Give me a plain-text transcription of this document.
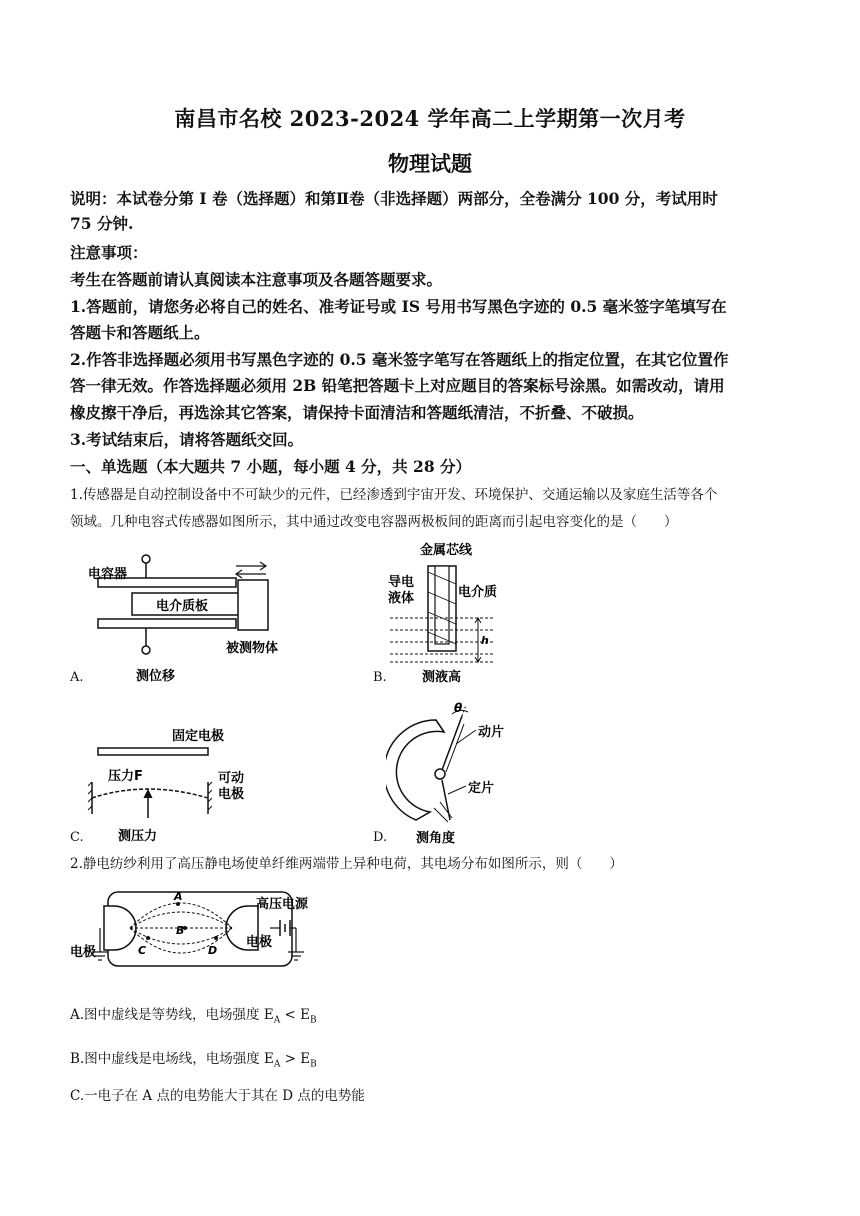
南昌市名校 2023-2024 学年高二上学期第一次月考
物理试题
说明：本试卷分第 I 卷（选择题）和第Ⅱ卷（非选择题）两部分，全卷满分 100 分，考试用时
75 分钟.
注意事项：
考生在答题前请认真阅读本注意事项及各题答题要求。
1.答题前，请您务必将自己的姓名、准考证号或 IS 号用书写黑色字迹的 0.5 毫米签字笔填写在
答题卡和答题纸上。
2.作答非选择题必须用书写黑色字迹的 0.5 毫米签字笔写在答题纸上的指定位置，在其它位置作
答一律无效。作答选择题必须用 2B 铅笔把答题卡上对应题目的答案标号涂黑。如需改动，请用
橡皮擦干净后，再选涂其它答案，请保持卡面清洁和答题纸清洁，不折叠、不破损。
3.考试结束后，请将答题纸交回。
一、单选题（本大题共 7 小题，每小题 4 分，共 28 分）
1.传感器是自动控制设备中不可缺少的元件，已经渗透到宇宙开发、环境保护、交通运输以及家庭生活等各个
领域。几种电容式传感器如图所示，其中通过改变电容器两极板间的距离而引起电容变化的是（　　）
A.
电容器
电介质板
被测物体
测位移	B.
金属芯线
h
导电
液体	电介质
测液高
C.
固定电极
压力F	可动
电极
测压力	D.
θ
动片
定片
测角度
2.静电纺纱利用了高压静电场使单纤维两端带上异种电荷，其电场分布如图所示，则（　　）
A
B
C	D
高压电源
电极
电极
A.图中虚线是等势线，电场强度 $E_A < E_B$
B.图中虚线是电场线，电场强度 $E_A > E_B$
C.一电子在 A 点的电势能大于其在 D 点的电势能
